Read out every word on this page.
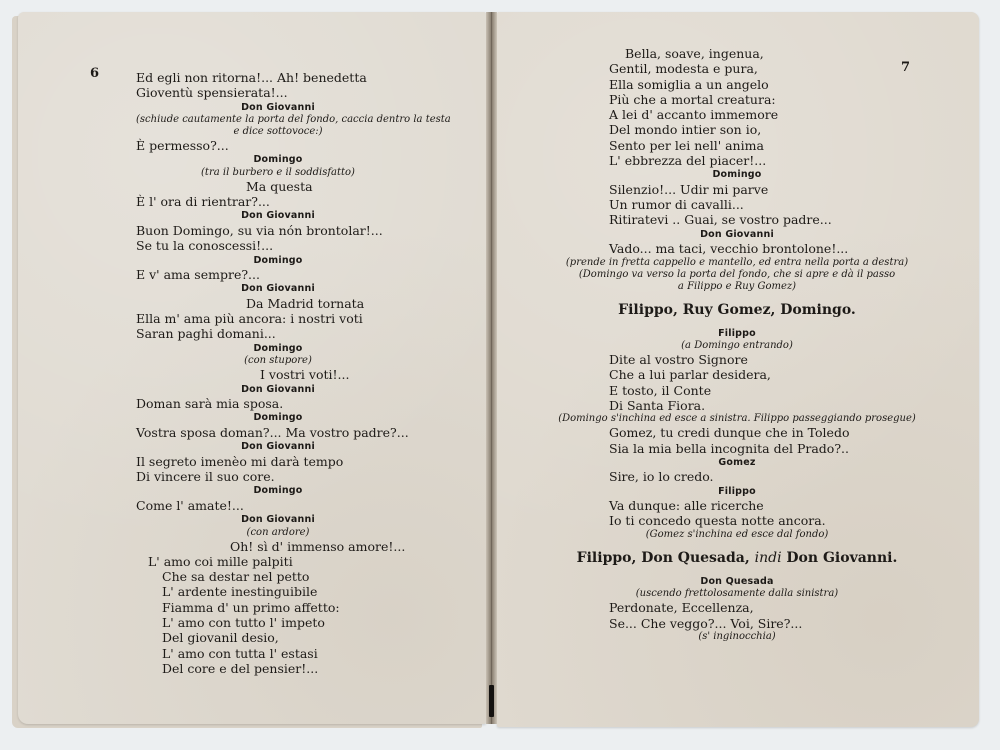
6	Ed egli non ritorna!... Ah! benedetta
Gioventù spensierata!...
Don Giovanni
(schiude cautamente la porta del fondo, caccia dentro la testa
e dice sottovoce:)
È permesso?...
Domingo
(tra il burbero e il soddisfatto)
Ma questa
È l' ora di rientrar?...
Don Giovanni
Buon Domingo, su via nón brontolar!...
Se tu la conoscessi!...
Domingo
E v' ama sempre?...
Don Giovanni
Da Madrid tornata
Ella m' ama più ancora: i nostri voti
Saran paghi domani...
Domingo
(con stupore)
I vostri voti!...
Don Giovanni
Doman sarà mia sposa.
Domingo
Vostra sposa doman?... Ma vostro padre?...
Don Giovanni
Il segreto imenèo mi darà tempo
Di vincere il suo core.
Domingo
Come l' amate!...
Don Giovanni
(con ardore)
Oh! sì d' immenso amore!...
L' amo coi mille palpiti
Che sa destar nel petto
L' ardente inestinguibile
Fiamma d' un primo affetto:
L' amo con tutto l' impeto
Del giovanil desio,
L' amo con tutta l' estasi
Del core e del pensier!...
7
Bella, soave, ingenua,
Gentil, modesta e pura,
Ella somiglia a un angelo
Più che a mortal creatura:
A lei d' accanto immemore
Del mondo intier son io,
Sento per lei nell' anima
L' ebbrezza del piacer!...
Domingo
Silenzio!... Udir mi parve
Un rumor di cavalli...
Ritiratevi .. Guai, se vostro padre...
Don Giovanni
Vado... ma taci, vecchio brontolone!...
(prende in fretta cappello e mantello, ed entra nella porta a destra)
(Domingo va verso la porta del fondo, che si apre e dà il passo
a Filippo e Ruy Gomez)
Filippo, Ruy Gomez, Domingo.
Filippo
(a Domingo entrando)
Dite al vostro Signore
Che a lui parlar desidera,
E tosto, il Conte
Di Santa Fiora.
(Domingo s'inchina ed esce a sinistra. Filippo passeggiando prosegue)
Gomez, tu credi dunque che in Toledo
Sia la mia bella incognita del Prado?..
Gomez
Sire, io lo credo.
Filippo
Va dunque: alle ricerche
Io ti concedo questa notte ancora.
(Gomez s'inchina ed esce dal fondo)
Filippo, Don Quesada, indi Don Giovanni.
Don Quesada
(uscendo frettolosamente dalla sinistra)
Perdonate, Eccellenza,
Se... Che veggo?... Voi, Sire?...
(s' inginocchia)
